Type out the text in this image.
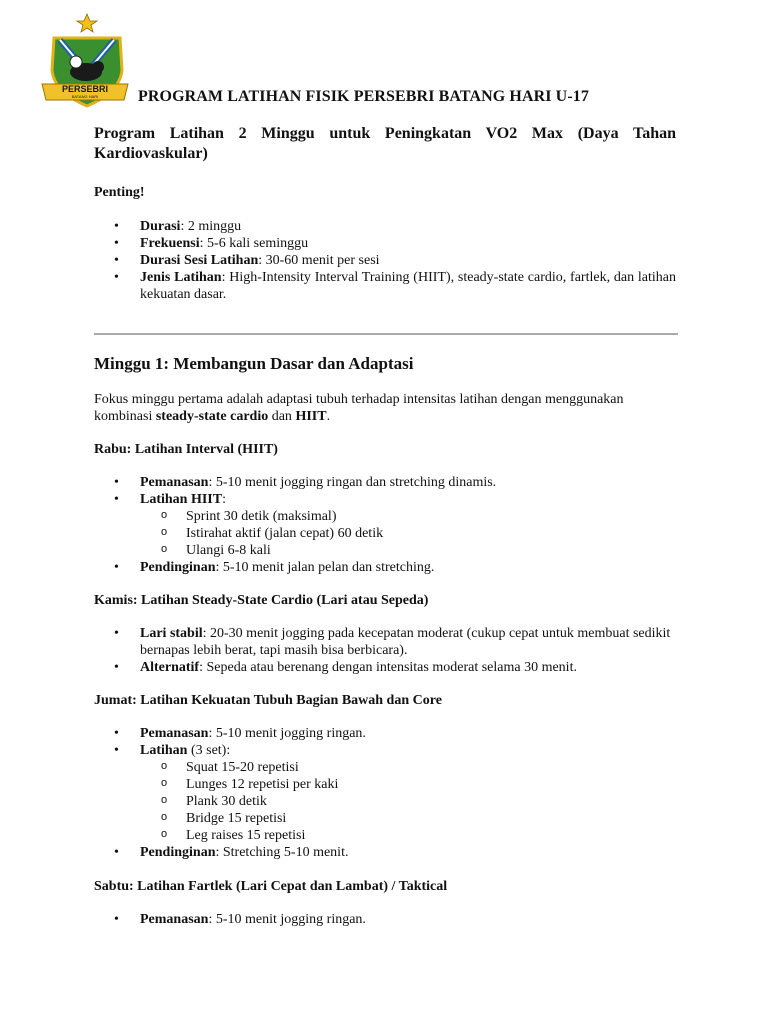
PERSEBRI
BATANG HARI PROGRAM LATIHAN FISIK PERSEBRI BATANG HARI U-17
Program Latihan 2 Minggu untuk Peningkatan VO2 Max (Daya Tahan Kardiovaskular)

Penting!

• Durasi: 2 minggu
• Frekuensi: 5-6 kali seminggu
• Durasi Sesi Latihan: 30-60 menit per sesi
• Jenis Latihan: High-Intensity Interval Training (HIIT), steady-state cardio, fartlek, dan latihan kekuatan dasar.
Minggu 1: Membangun Dasar dan Adaptasi

Fokus minggu pertama adalah adaptasi tubuh terhadap intensitas latihan dengan menggunakan kombinasi steady-state cardio dan HIIT.

Rabu: Latihan Interval (HIIT)

• Pemanasan: 5-10 menit jogging ringan dan stretching dinamis.
• Latihan HIIT:
o Sprint 30 detik (maksimal)
o Istirahat aktif (jalan cepat) 60 detik
o Ulangi 6-8 kali
• Pendinginan: 5-10 menit jalan pelan dan stretching.

Kamis: Latihan Steady-State Cardio (Lari atau Sepeda)

• Lari stabil: 20-30 menit jogging pada kecepatan moderat (cukup cepat untuk membuat sedikit bernapas lebih berat, tapi masih bisa berbicara).
• Alternatif: Sepeda atau berenang dengan intensitas moderat selama 30 menit.

Jumat: Latihan Kekuatan Tubuh Bagian Bawah dan Core

• Pemanasan: 5-10 menit jogging ringan.
• Latihan (3 set):
o Squat 15-20 repetisi
o Lunges 12 repetisi per kaki
o Plank 30 detik
o Bridge 15 repetisi
o Leg raises 15 repetisi
• Pendinginan: Stretching 5-10 menit.

Sabtu: Latihan Fartlek (Lari Cepat dan Lambat) / Taktical

• Pemanasan: 5-10 menit jogging ringan.
